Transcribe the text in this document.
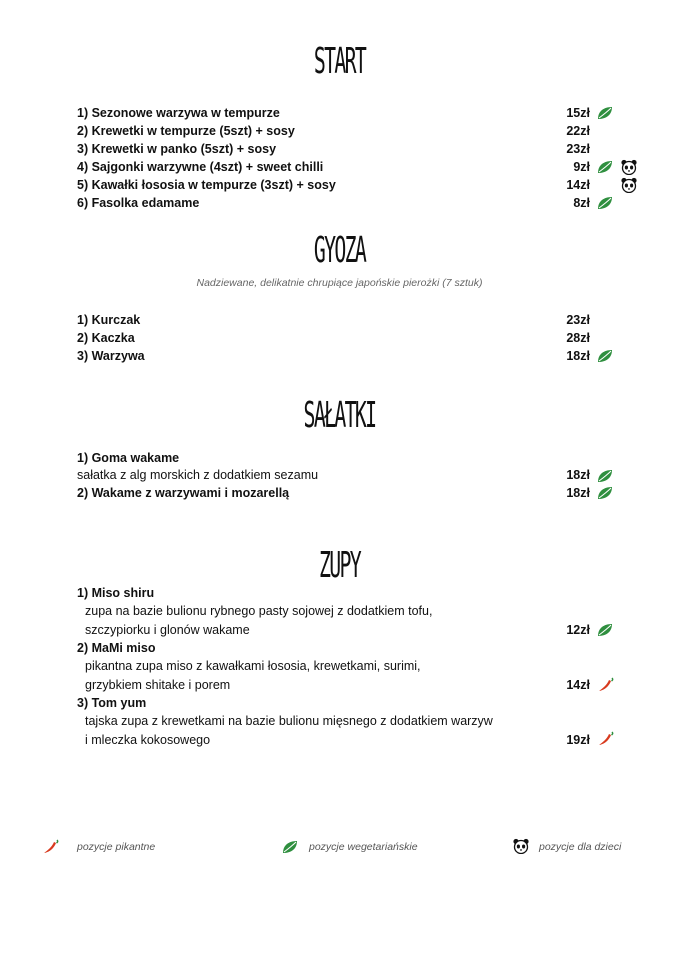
START
1) Sezonowe warzywa w tempurze	15zł
2) Krewetki w tempurze (5szt) + sosy	22zł
3) Krewetki w panko (5szt) + sosy	23zł
4) Sajgonki warzywne (4szt) + sweet chilli	9zł
5) Kawałki łososia w tempurze (3szt) + sosy	14zł
6) Fasolka edamame	8zł
GYOZA
Nadziewane, delikatnie chrupiące japońskie pierożki (7 sztuk)
1) Kurczak	23zł
2) Kaczka	28zł
3) Warzywa	18zł
SAŁATKI
1) Goma wakame
sałatka z alg morskich z dodatkiem sezamu	18zł
2) Wakame z warzywami i mozarellą	18zł
ZUPY
1) Miso shiru
zupa na bazie bulionu rybnego pasty sojowej z dodatkiem tofu,
szczypiorku i glonów wakame	12zł
2) MaMi miso
pikantna zupa miso z kawałkami łososia, krewetkami, surimi,
grzybkiem shitake i porem	14zł
3) Tom yum
tajska zupa z krewetkami na bazie bulionu mięsnego z dodatkiem warzyw
i mleczka kokosowego	19zł
pozycje pikantne	pozycje wegetariańskie	pozycje dla dzieci
